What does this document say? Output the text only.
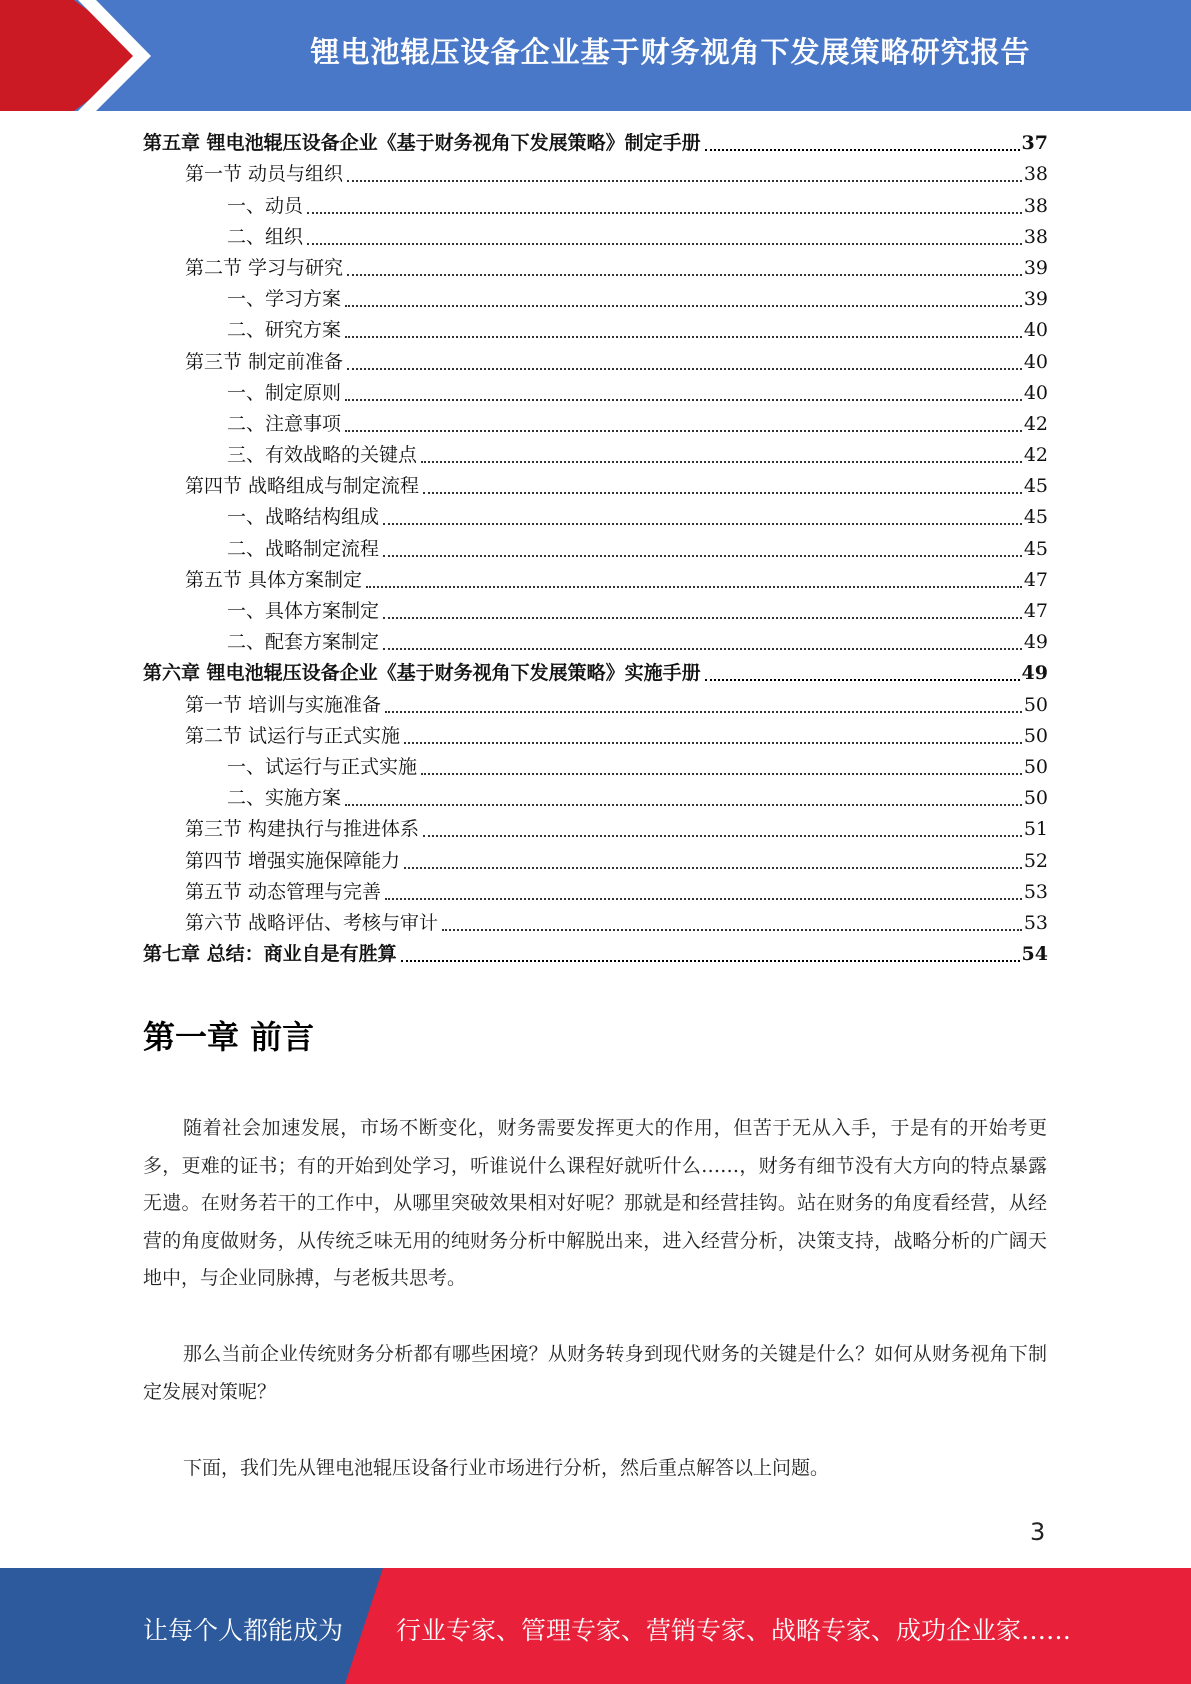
锂电池辊压设备企业基于财务视角下发展策略研究报告
第五章 锂电池辊压设备企业《基于财务视角下发展策略》制定手册	37
第一节 动员与组织	38
一、动员	38
二、组织	38
第二节 学习与研究	39
一、学习方案	39
二、研究方案	40
第三节 制定前准备	40
一、制定原则	40
二、注意事项	42
三、有效战略的关键点	42
第四节 战略组成与制定流程	45
一、战略结构组成	45
二、战略制定流程	45
第五节 具体方案制定	47
一、具体方案制定	47
二、配套方案制定	49
第六章 锂电池辊压设备企业《基于财务视角下发展策略》实施手册	49
第一节 培训与实施准备	50
第二节 试运行与正式实施	50
一、试运行与正式实施	50
二、实施方案	50
第三节 构建执行与推进体系	51
第四节 增强实施保障能力	52
第五节 动态管理与完善	53
第六节 战略评估、考核与审计	53
第七章 总结：商业自是有胜算	54
第一章 前言

随着社会加速发展，市场不断变化，财务需要发挥更大的作用，但苦于无从入手，于是有的开始考更多，更难的证书；有的开始到处学习，听谁说什么课程好就听什么……，财务有细节没有大方向的特点暴露无遗。在财务若干的工作中，从哪里突破效果相对好呢？那就是和经营挂钩。站在财务的角度看经营，从经营的角度做财务，从传统乏味无用的纯财务分析中解脱出来，进入经营分析，决策支持，战略分析的广阔天地中，与企业同脉搏，与老板共思考。

那么当前企业传统财务分析都有哪些困境？从财务转身到现代财务的关键是什么？如何从财务视角下制定发展对策呢？

下面，我们先从锂电池辊压设备行业市场进行分析，然后重点解答以上问题。

3
让每个人都能成为 行业专家、管理专家、营销专家、战略专家、成功企业家……
